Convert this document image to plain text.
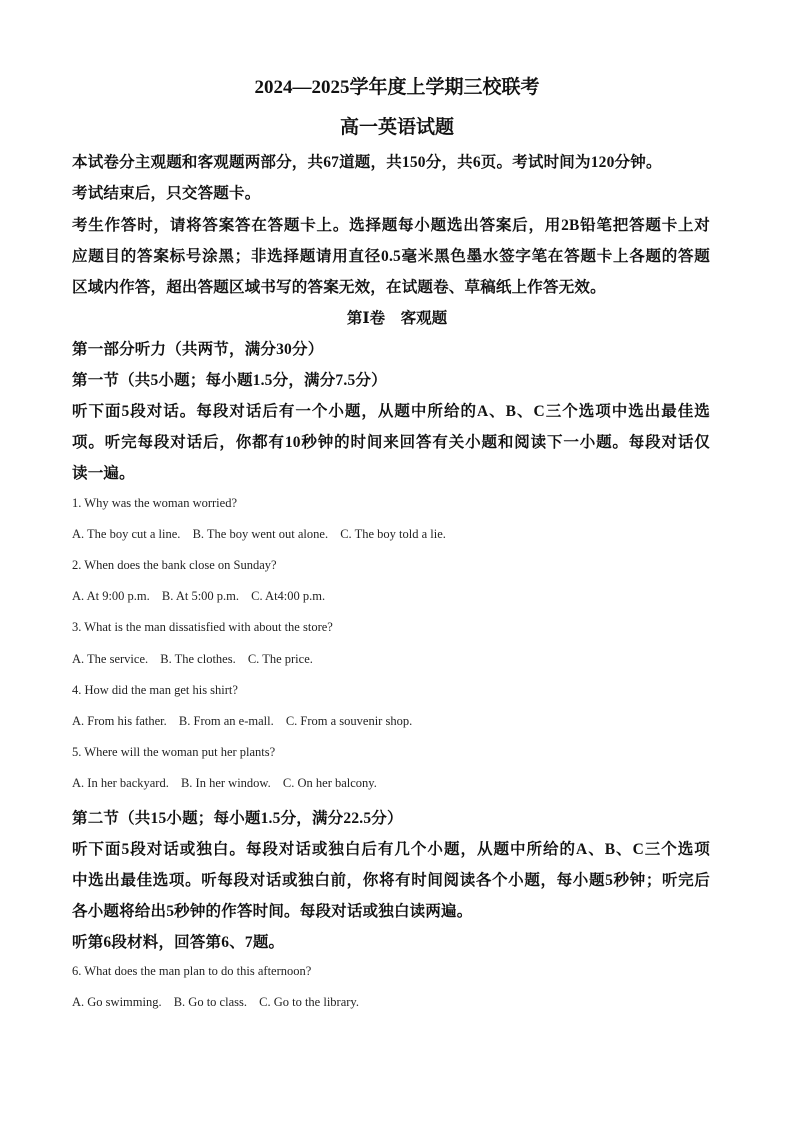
2024—2025学年度上学期三校联考
高一英语试题
本试卷分主观题和客观题两部分，共67道题，共150分，共6页。考试时间为120分钟。
考试结束后，只交答题卡。
考生作答时，请将答案答在答题卡上。选择题每小题选出答案后，用2B铅笔把答题卡上对
应题目的答案标号涂黑；非选择题请用直径0.5毫米黑色墨水签字笔在答题卡上各题的答题
区域内作答，超出答题区域书写的答案无效，在试题卷、草稿纸上作答无效。
第Ⅰ卷　客观题
第一部分听力（共两节，满分30分）
第一节（共5小题；每小题1.5分，满分7.5分）
听下面5段对话。每段对话后有一个小题，从题中所给的A、B、C三个选项中选出最佳选
项。听完每段对话后，你都有10秒钟的时间来回答有关小题和阅读下一小题。每段对话仅
读一遍。
1. Why was the woman worried?
A. The boy cut a line. B. The boy went out alone. C. The boy told a lie.
2. When does the bank close on Sunday?
A. At 9:00 p.m. B. At 5:00 p.m. C. At4:00 p.m.
3. What is the man dissatisfied with about the store?
A. The service. B. The clothes. C. The price.
4. How did the man get his shirt?
A. From his father. B. From an e-mall. C. From a souvenir shop.
5. Where will the woman put her plants?
A. In her backyard. B. In her window. C. On her balcony.
第二节（共15小题；每小题1.5分，满分22.5分）
听下面5段对话或独白。每段对话或独白后有几个小题，从题中所给的A、B、C三个选项
中选出最佳选项。听每段对话或独白前，你将有时间阅读各个小题，每小题5秒钟；听完后
各小题将给出5秒钟的作答时间。每段对话或独白读两遍。
听第6段材料，回答第6、7题。
6. What does the man plan to do this afternoon?
A. Go swimming. B. Go to class. C. Go to the library.
